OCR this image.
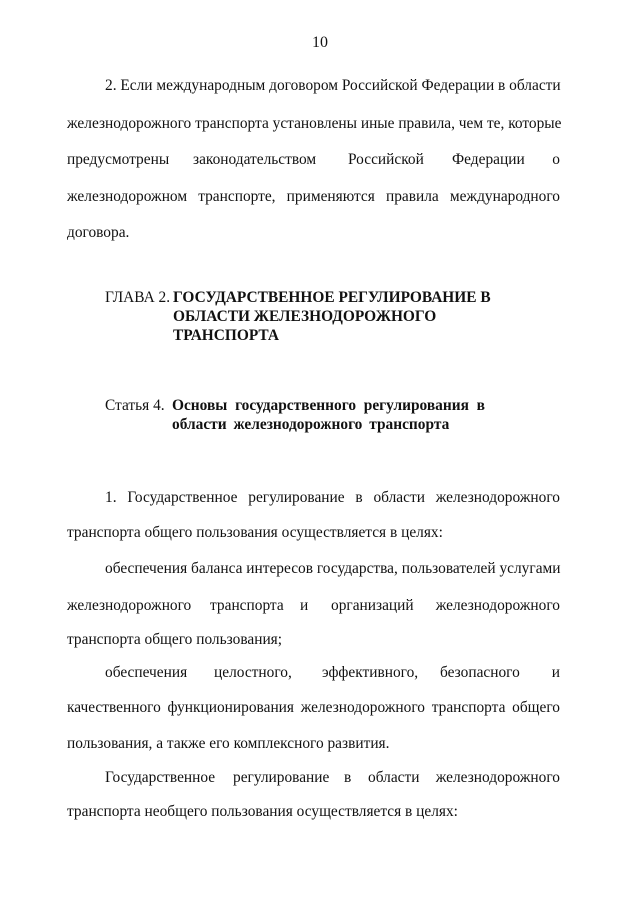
10
2. Если международным договором Российской Федерации в области
железнодорожного транспорта установлены иные правила, чем те, которые
предусмотрены законодательством Российской Федерации о
железнодорожном транспорте, применяются правила международного
договора.
ГЛАВА 2. ГОСУДАРСТВЕННОЕ РЕГУЛИРОВАНИЕ В
ОБЛАСТИ ЖЕЛЕЗНОДОРОЖНОГО
ТРАНСПОРТА
Статья 4. Основы государственного регулирования в
области железнодорожного транспорта
1. Государственное регулирование в области железнодорожного
транспорта общего пользования осуществляется в целях:
обеспечения баланса интересов государства, пользователей услугами
железнодорожного транспорта и организаций железнодорожного
транспорта общего пользования;
обеспечения целостного, эффективного, безопасного и
качественного функционирования железнодорожного транспорта общего
пользования, а также его комплексного развития.
Государственное регулирование в области железнодорожного
транспорта необщего пользования осуществляется в целях:
